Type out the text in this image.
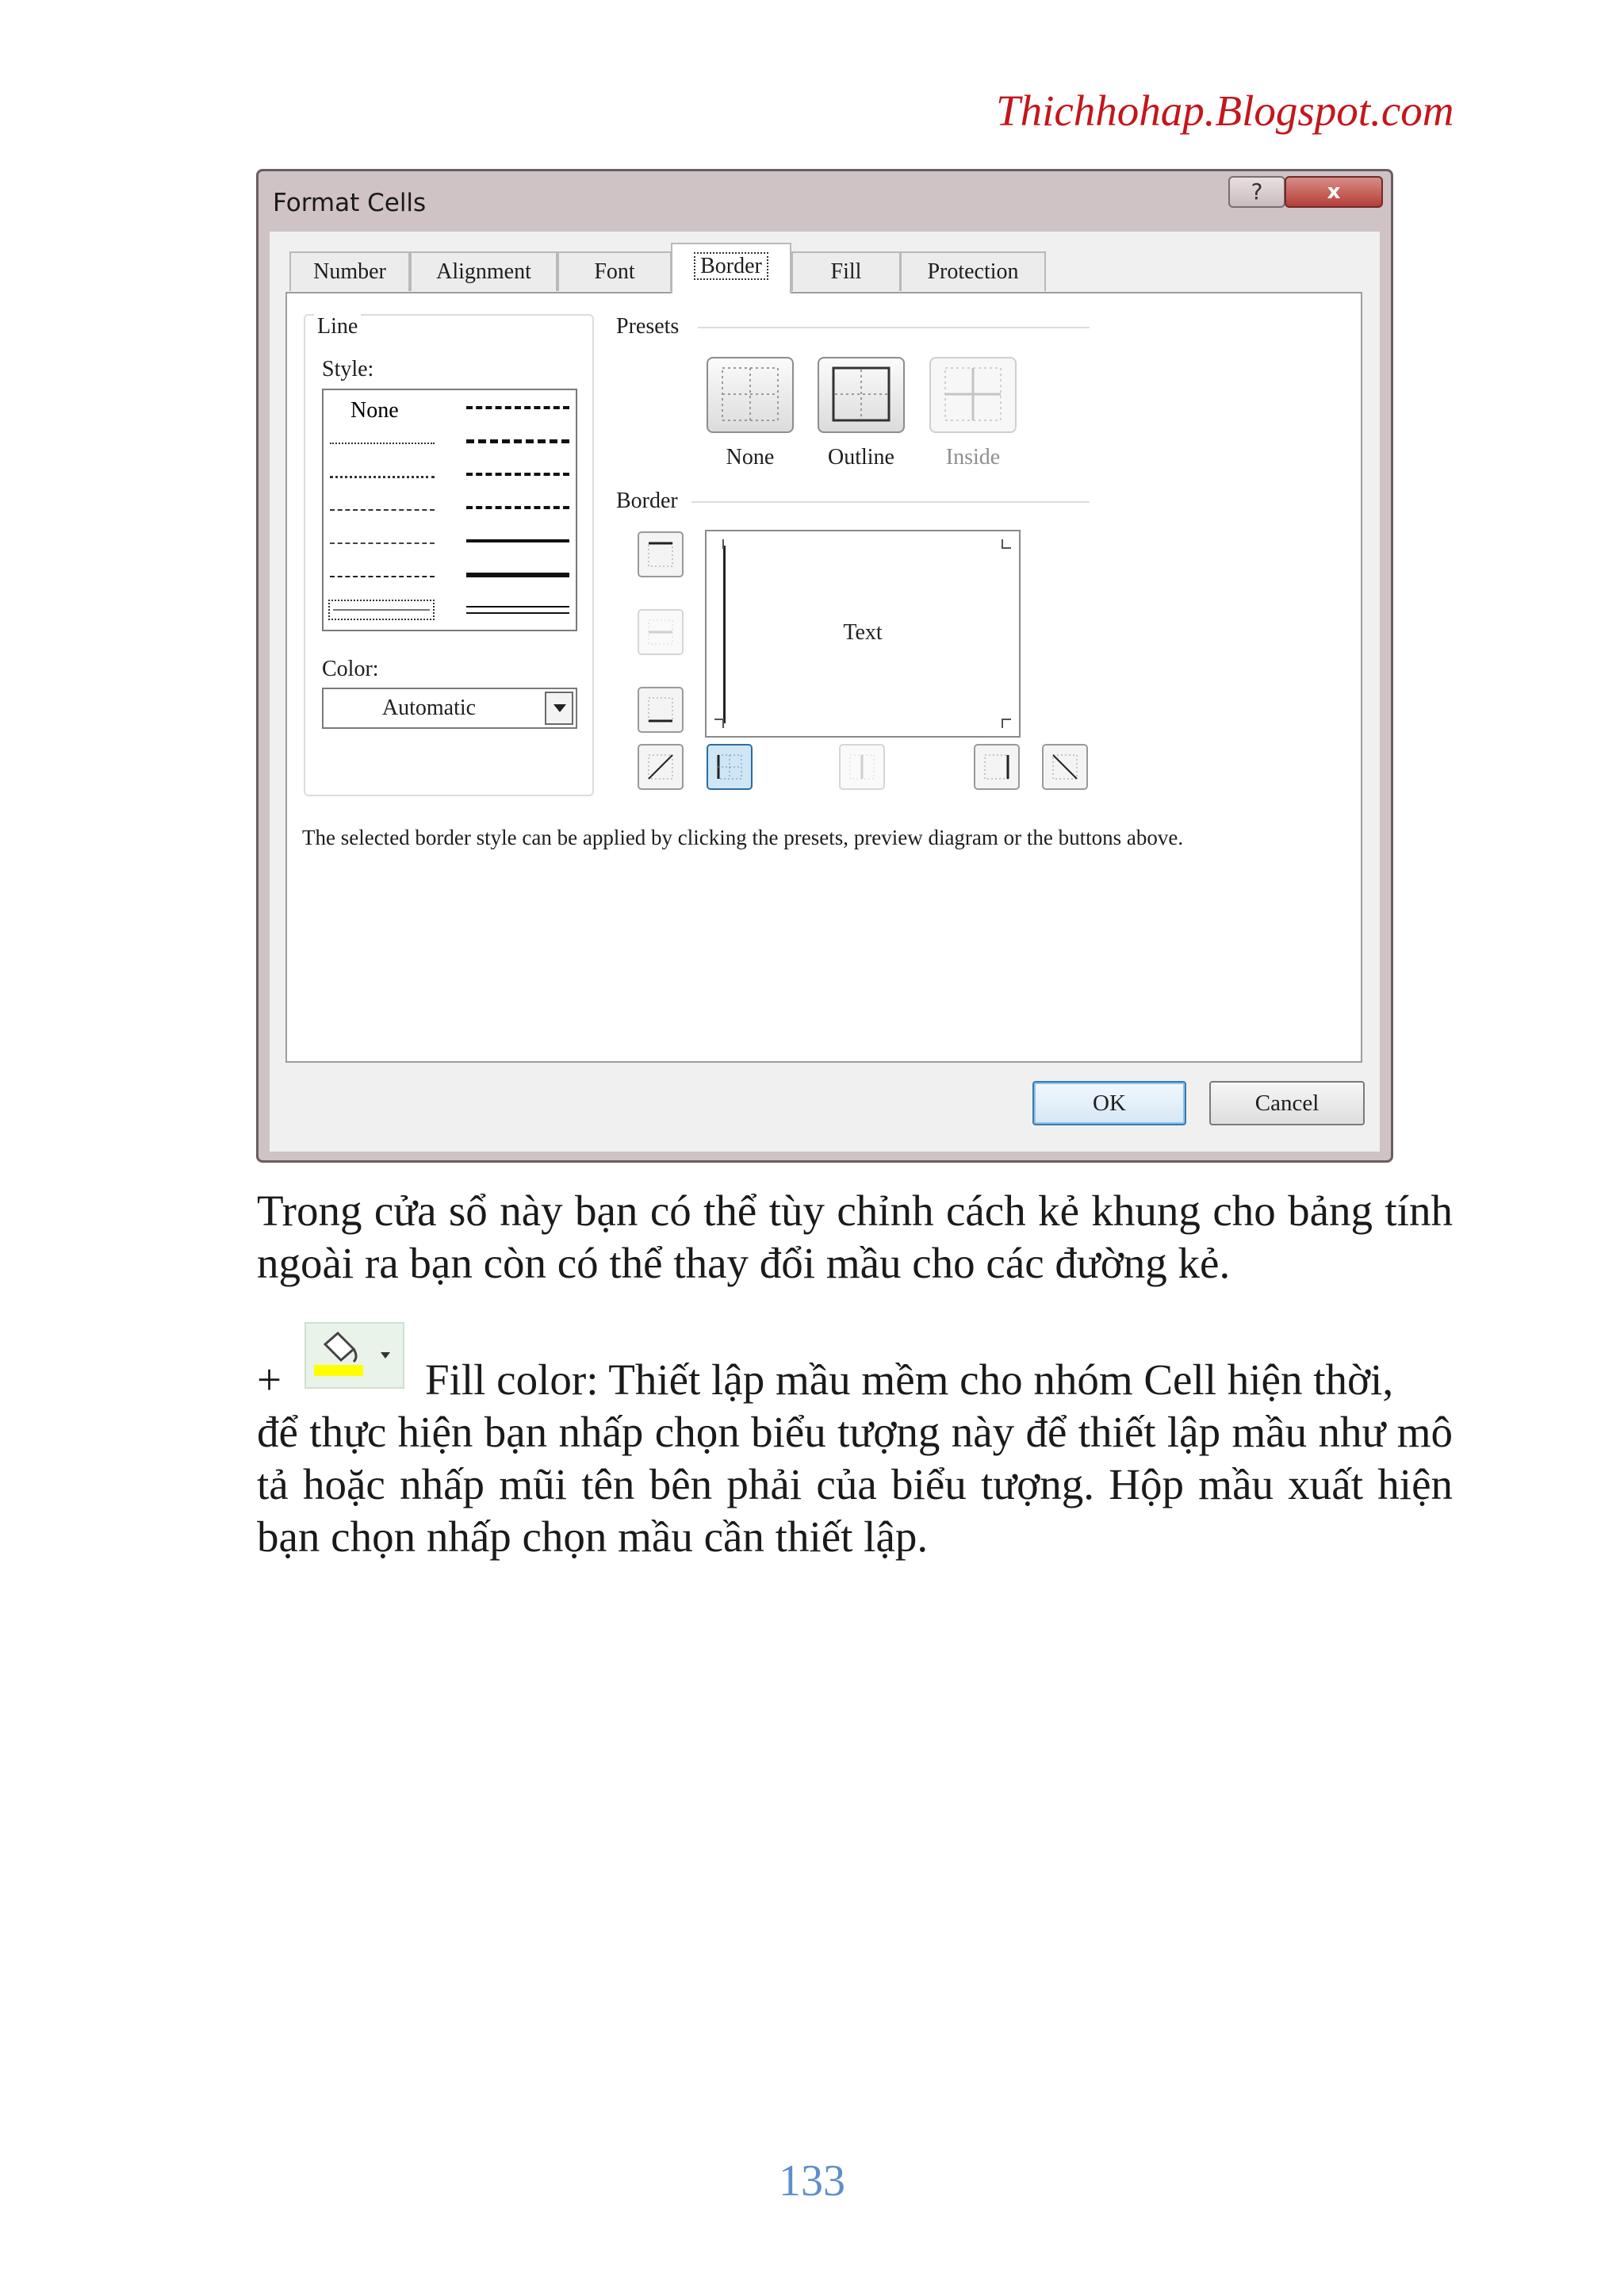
Thichhohap.Blogspot.com
Format Cells	?	x
Number	Alignment	Font	Border	Fill	Protection
Line
Style:
None
Color:
Automatic
Presets
None	Outline	Inside
Border
Text
The selected border style can be applied by clicking the presets, preview diagram or the buttons above.
OK	Cancel
Trong cửa sổ này bạn có thể tùy chỉnh cách kẻ khung cho bảng tính ngoài ra bạn còn có thể thay đổi mầu cho các đường kẻ.
+	Fill color: Thiết lập mầu mềm cho nhóm Cell hiện thời,
để thực hiện bạn nhấp chọn biểu tượng này để thiết lập mầu như mô tả hoặc nhấp mũi tên bên phải của biểu tượng. Hộp mầu xuất hiện bạn chọn nhấp chọn mầu cần thiết lập.
133
